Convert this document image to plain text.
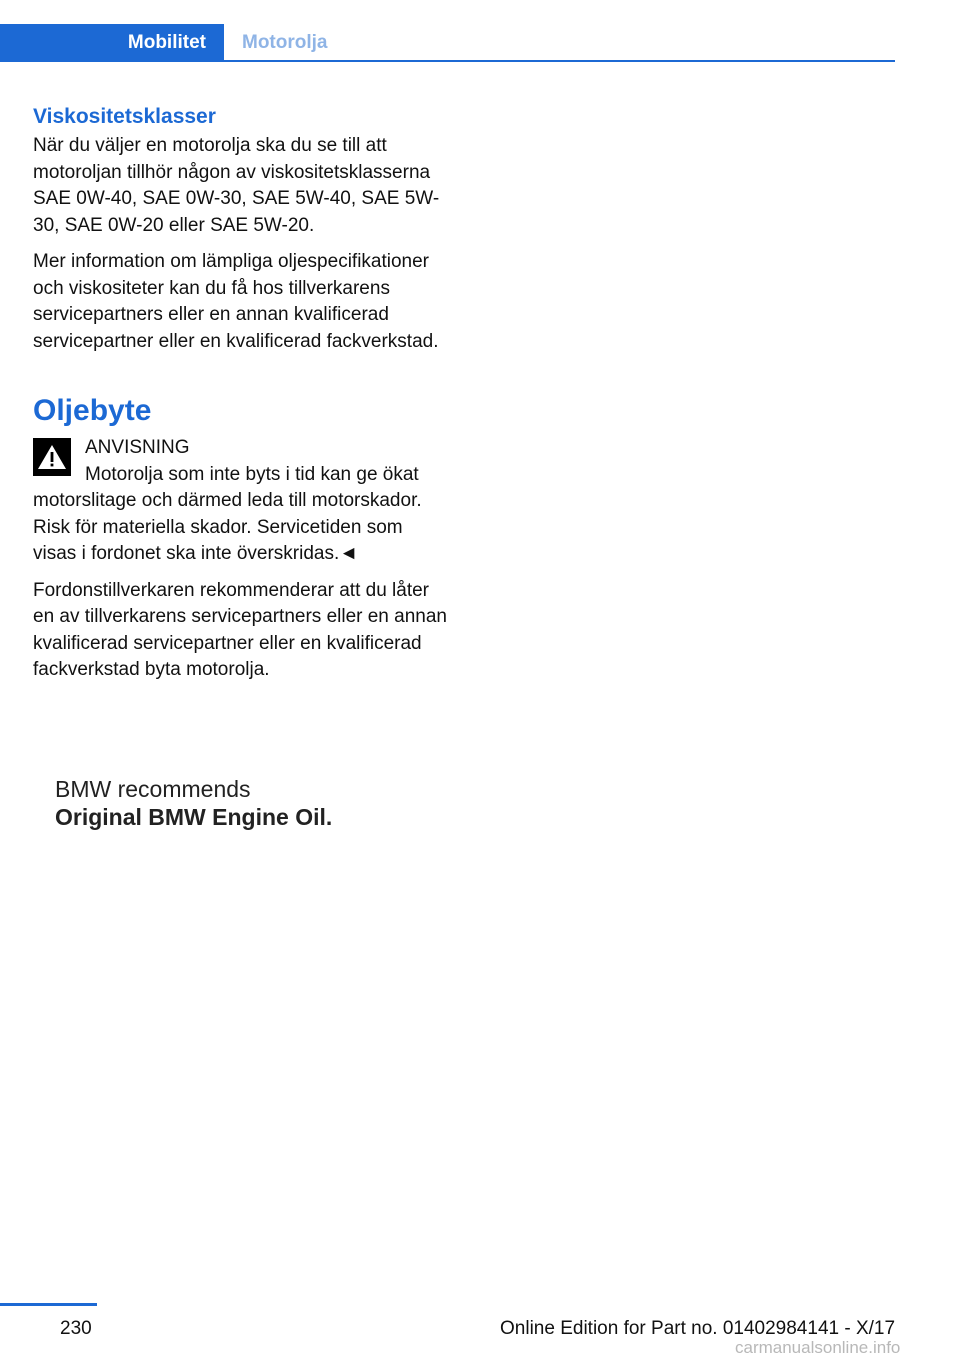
Mobilitet	Motorolja
Viskositetsklasser

När du väljer en motorolja ska du se till att motoroljan tillhör någon av viskositetsklasserna SAE 0W-40, SAE 0W-30, SAE 5W-40, SAE 5W-30, SAE 0W-20 eller SAE 5W-20.

Mer information om lämpliga oljespecifikationer och viskositeter kan du få hos tillverkarens servicepartners eller en annan kvalificerad servicepartner eller en kvalificerad fackverkstad.

Oljebyte
ANVISNING

Motorolja som inte byts i tid kan ge ökat
motorslitage och därmed leda till motorskador. Risk för materiella skador. Servicetiden som visas i fordonet ska inte överskridas.◄

Fordonstillverkaren rekommenderar att du låter en av tillverkarens servicepartners eller en annan kvalificerad servicepartner eller en kvalificerad fackverkstad byta motorolja.

BMW recommends
Original BMW Engine Oil.
230	Online Edition for Part no. 01402984141 - X/17
carmanualsonline.info
